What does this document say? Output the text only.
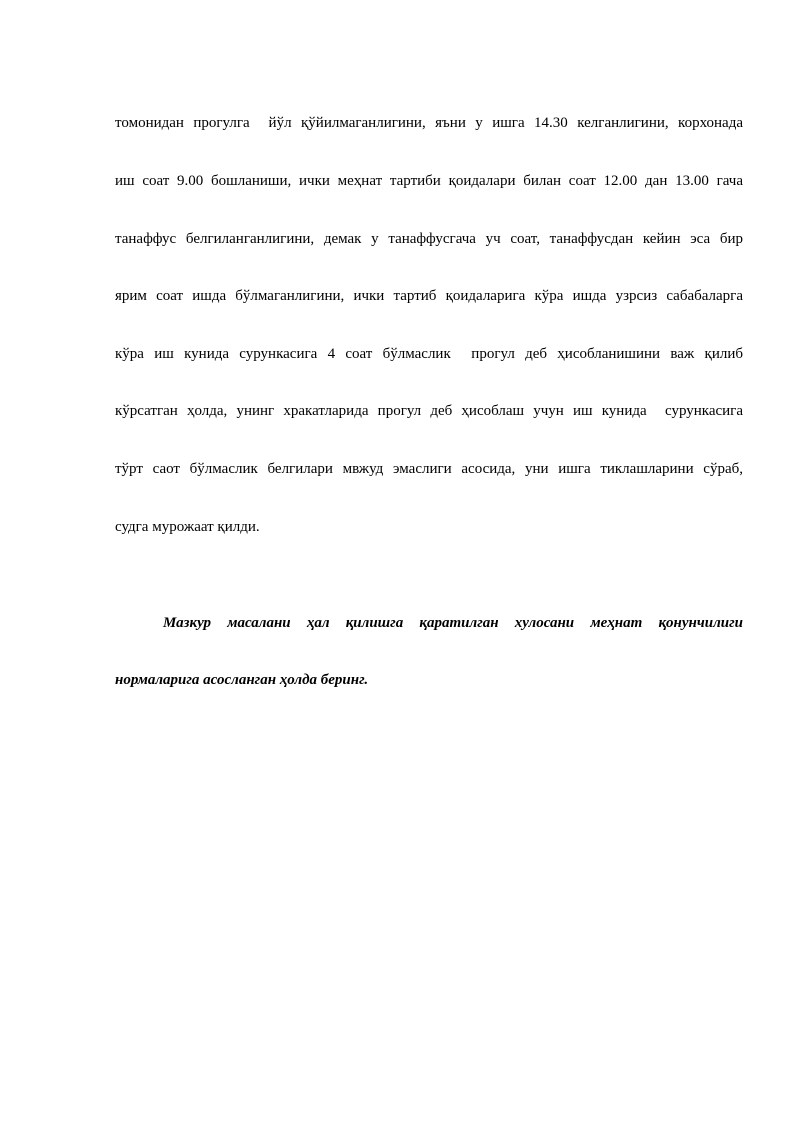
томонидан прогулга  йўл қўйилмаганлигини, яъни у ишга 14.30 келганлигини, корхонада

иш соат 9.00 бошланиши, ички меҳнат тартиби қоидалари билан соат 12.00 дан 13.00 гача

танаффус белгиланганлигини, демак у танаффусгача уч соат, танаффусдан кейин эса бир

ярим соат ишда бўлмаганлигини, ички тартиб қоидаларига кўра ишда узрсиз сабабаларга

кўра иш кунида сурункасига 4 соат бўлмаслик  прогул деб ҳисобланишини важ қилиб

кўрсатган ҳолда, унинг хракатларида прогул деб ҳисоблаш учун иш кунида  сурункасига

тўрт саот бўлмаслик белгилари мвжуд эмаслиги асосида, уни ишга тиклашларини сўраб,

судга мурожаат қилди.

Мазкур масалани ҳал қилишга қаратилган хулосани меҳнат қонунчилиги

нормаларига асосланган ҳолда беринг.
